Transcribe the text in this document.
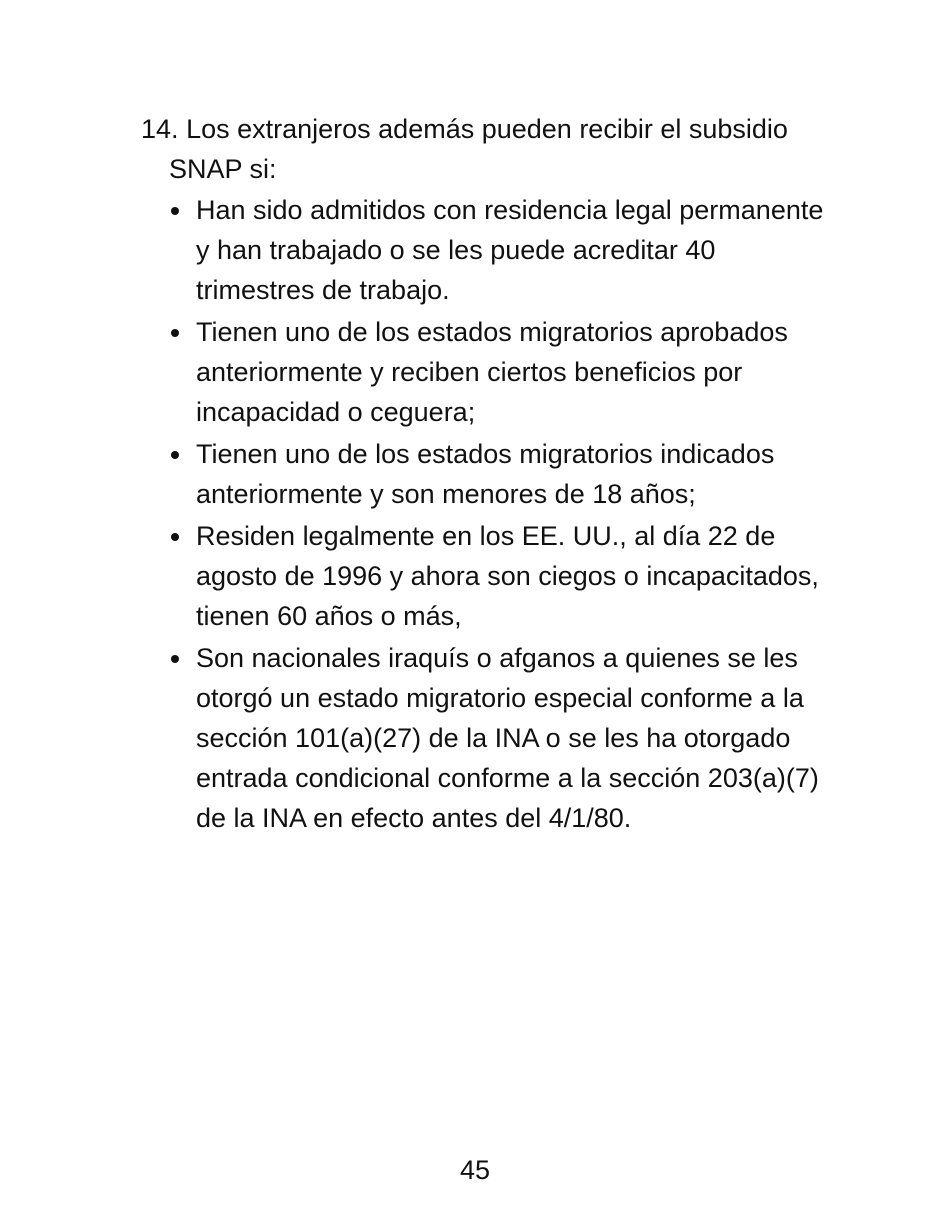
14. Los extranjeros además pueden recibir el subsidio SNAP si:

Han sido admitidos con residencia legal permanente y han trabajado o se les puede acreditar 40 trimestres de trabajo.
Tienen uno de los estados migratorios aprobados anteriormente y reciben ciertos beneficios por incapacidad o ceguera;
Tienen uno de los estados migratorios indicados anteriormente y son menores de 18 años;
Residen legalmente en los EE. UU., al día 22 de agosto de 1996 y ahora son ciegos o incapacitados, tienen 60 años o más,
Son nacionales iraquís o afganos a quienes se les otorgó un estado migratorio especial conforme a la sección 101(a)(27) de la INA o se les ha otorgado entrada condicional conforme a la sección 203(a)(7) de la INA en efecto antes del 4/1/80.
45
